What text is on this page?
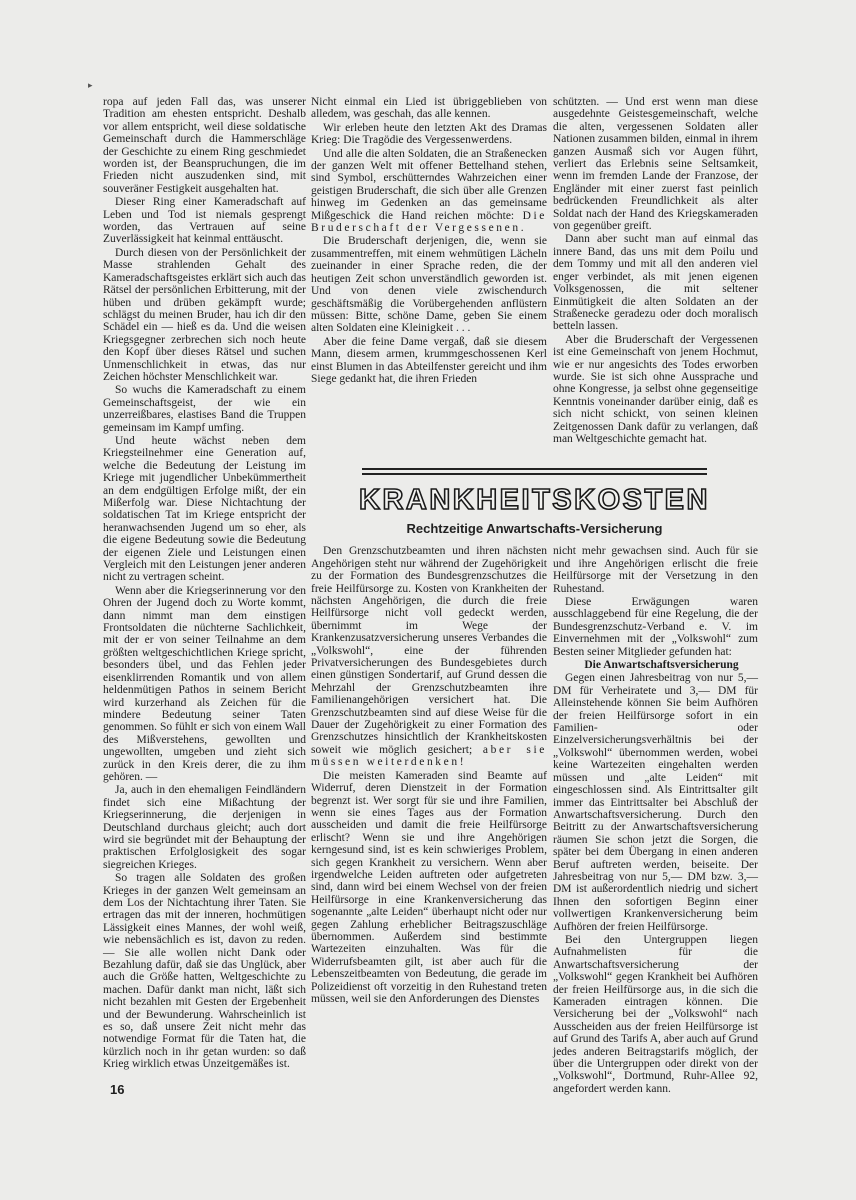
▸

ropa auf jeden Fall das, was unserer Tradition am ehesten entspricht. Deshalb vor allem entspricht, weil diese soldatische Gemeinschaft durch die Hammerschläge der Geschichte zu einem Ring geschmiedet worden ist, der Beanspruchungen, die im Frieden nicht auszudenken sind, mit souveräner Festigkeit ausgehalten hat.

Dieser Ring einer Kameradschaft auf Leben und Tod ist niemals gesprengt worden, das Vertrauen auf seine Zuverlässigkeit hat keinmal enttäuscht.

Durch diesen von der Persönlichkeit der Masse strahlenden Gehalt des Kameradschaftsgeistes erklärt sich auch das Rätsel der persönlichen Erbitterung, mit der hüben und drüben gekämpft wurde; schlägst du meinen Bruder, hau ich dir den Schädel ein — hieß es da. Und die weisen Kriegsgegner zerbrechen sich noch heute den Kopf über dieses Rätsel und suchen Unmenschlichkeit in etwas, das nur Zeichen höchster Menschlichkeit war.

So wuchs die Kameradschaft zu einem Gemeinschaftsgeist, der wie ein unzerreißbares, elastises Band die Truppen gemeinsam im Kampf umfing.

Und heute wächst neben dem Kriegsteilnehmer eine Generation auf, welche die Bedeutung der Leistung im Kriege mit jugendlicher Unbekümmertheit an dem endgültigen Erfolge mißt, der ein Mißerfolg war. Diese Nichtachtung der soldatischen Tat im Kriege entspricht der heranwachsenden Jugend um so eher, als die eigene Bedeutung sowie die Bedeutung der eigenen Ziele und Leistungen einen Vergleich mit den Leistungen jener anderen nicht zu vertragen scheint.

Wenn aber die Kriegserinnerung vor den Ohren der Jugend doch zu Worte kommt, dann nimmt man dem einstigen Frontsoldaten die nüchterne Sachlichkeit, mit der er von seiner Teilnahme an dem größten weltgeschichtlichen Kriege spricht, besonders übel, und das Fehlen jeder eisenklirrenden Romantik und von allem heldenmütigen Pathos in seinem Bericht wird kurzerhand als Zeichen für die mindere Bedeutung seiner Taten genommen. So fühlt er sich von einem Wall des Mißverstehens, gewollten und ungewollten, umgeben und zieht sich zurück in den Kreis derer, die zu ihm gehören. —

Ja, auch in den ehemaligen Feindländern findet sich eine Mißachtung der Kriegserinnerung, die derjenigen in Deutschland durchaus gleicht; auch dort wird sie begründet mit der Behauptung der praktischen Erfolglosigkeit des sogar siegreichen Krieges.

So tragen alle Soldaten des großen Krieges in der ganzen Welt gemeinsam an dem Los der Nichtachtung ihrer Taten. Sie ertragen das mit der inneren, hochmütigen Lässigkeit eines Mannes, der wohl weiß, wie nebensächlich es ist, davon zu reden. — Sie alle wollen nicht Dank oder Bezahlung dafür, daß sie das Unglück, aber auch die Größe hatten, Weltgeschichte zu machen. Dafür dankt man nicht, läßt sich nicht bezahlen mit Gesten der Ergebenheit und der Bewunderung. Wahrscheinlich ist es so, daß unsere Zeit nicht mehr das notwendige Format für die Taten hat, die kürzlich noch in ihr getan wurden: so daß Krieg wirklich etwas Unzeitgemäßes ist.

16

Nicht einmal ein Lied ist übriggeblieben von alledem, was geschah, das alle kennen.

Wir erleben heute den letzten Akt des Dramas Krieg: Die Tragödie des Vergessenwerdens.

Und alle die alten Soldaten, die an Straßenecken der ganzen Welt mit offener Bettelhand stehen, sind Symbol, erschütterndes Wahrzeichen einer geistigen Bruderschaft, die sich über alle Grenzen hinweg im Gedenken an das gemeinsame Mißgeschick die Hand reichen möchte: Die Bruderschaft der Vergessenen.

Die Bruderschaft derjenigen, die, wenn sie zusammentreffen, mit einem wehmütigen Lächeln zueinander in einer Sprache reden, die der heutigen Zeit schon unverständlich geworden ist. Und von denen viele zwischendurch geschäftsmäßig die Vorübergehenden anflüstern müssen: Bitte, schöne Dame, geben Sie einem alten Soldaten eine Kleinigkeit . . .

Aber die feine Dame vergaß, daß sie diesem Mann, diesem armen, krummgeschossenen Kerl einst Blumen in das Abteilfenster gereicht und ihm Siege gedankt hat, die ihren Frieden

schützten. — Und erst wenn man diese ausgedehnte Geistesgemeinschaft, welche die alten, vergessenen Soldaten aller Nationen zusammen bilden, einmal in ihrem ganzen Ausmaß sich vor Augen führt, verliert das Erlebnis seine Seltsamkeit, wenn im fremden Lande der Franzose, der Engländer mit einer zuerst fast peinlich bedrückenden Freundlichkeit als alter Soldat nach der Hand des Kriegskameraden von gegenüber greift.

Dann aber sucht man auf einmal das innere Band, das uns mit dem Poilu und dem Tommy und mit all den anderen viel enger verbindet, als mit jenen eigenen Volksgenossen, die mit seltener Einmütigkeit die alten Soldaten an der Straßenecke geradezu oder doch moralisch betteln lassen.

Aber die Bruderschaft der Vergessenen ist eine Gemeinschaft von jenem Hochmut, wie er nur angesichts des Todes erworben wurde. Sie ist sich ohne Aussprache und ohne Kongresse, ja selbst ohne gegenseitige Kenntnis voneinander darüber einig, daß es sich nicht schickt, von seinen kleinen Zeitgenossen Dank dafür zu verlangen, daß man Weltgeschichte gemacht hat.

KRANKHEITSKOSTEN
Rechtzeitige Anwartschafts-Versicherung

Den Grenzschutzbeamten und ihren nächsten Angehörigen steht nur während der Zugehörigkeit zu der Formation des Bundesgrenzschutzes die freie Heilfürsorge zu. Kosten von Krankheiten der nächsten Angehörigen, die durch die freie Heilfürsorge nicht voll gedeckt werden, übernimmt im Wege der Krankenzusatzversicherung unseres Verbandes die „Volkswohl“, eine der führenden Privatversicherungen des Bundesgebietes durch einen günstigen Sondertarif, auf Grund dessen die Mehrzahl der Grenzschutzbeamten ihre Familienangehörigen versichert hat. Die Grenzschutzbeamten sind auf diese Weise für die Dauer der Zugehörigkeit zu einer Formation des Grenzschutzes hinsichtlich der Krankheitskosten soweit wie möglich gesichert; aber sie müssen weiterdenken!

Die meisten Kameraden sind Beamte auf Widerruf, deren Dienstzeit in der Formation begrenzt ist. Wer sorgt für sie und ihre Familien, wenn sie eines Tages aus der Formation ausscheiden und damit die freie Heilfürsorge erlischt? Wenn sie und ihre Angehörigen kerngesund sind, ist es kein schwieriges Problem, sich gegen Krankheit zu versichern. Wenn aber irgendwelche Leiden auftreten oder aufgetreten sind, dann wird bei einem Wechsel von der freien Heilfürsorge in eine Krankenversicherung das sogenannte „alte Leiden“ überhaupt nicht oder nur gegen Zahlung erheblicher Beitragszuschläge übernommen. Außerdem sind bestimmte Wartezeiten einzuhalten. Was für die Widerrufsbeamten gilt, ist aber auch für die Lebenszeitbeamten von Bedeutung, die gerade im Polizeidienst oft vorzeitig in den Ruhestand treten müssen, weil sie den Anforderungen des Dienstes

nicht mehr gewachsen sind. Auch für sie und ihre Angehörigen erlischt die freie Heilfürsorge mit der Versetzung in den Ruhestand.

Diese Erwägungen waren ausschlaggebend für eine Regelung, die der Bundesgrenzschutz-Verband e. V. im Einvernehmen mit der „Volkswohl“ zum Besten seiner Mitglieder gefunden hat:

Die Anwartschaftsversicherung

Gegen einen Jahresbeitrag von nur 5,— DM für Verheiratete und 3,— DM für Alleinstehende können Sie beim Aufhören der freien Heilfürsorge sofort in ein Familien- oder Einzelversicherungsverhältnis bei der „Volkswohl“ übernommen werden, wobei keine Wartezeiten eingehalten werden müssen und „alte Leiden“ mit eingeschlossen sind. Als Eintrittsalter gilt immer das Eintrittsalter bei Abschluß der Anwartschaftsversicherung. Durch den Beitritt zu der Anwartschaftsversicherung räumen Sie schon jetzt die Sorgen, die später bei dem Übergang in einen anderen Beruf auftreten werden, beiseite. Der Jahresbeitrag von nur 5,— DM bzw. 3,— DM ist außerordentlich niedrig und sichert Ihnen den sofortigen Beginn einer vollwertigen Krankenversicherung beim Aufhören der freien Heilfürsorge.

Bei den Untergruppen liegen Aufnahmelisten für die Anwartschaftsversicherung der „Volkswohl“ gegen Krankheit bei Aufhören der freien Heilfürsorge aus, in die sich die Kameraden eintragen können. Die Versicherung bei der „Volkswohl“ nach Ausscheiden aus der freien Heilfürsorge ist auf Grund des Tarifs A, aber auch auf Grund jedes anderen Beitragstarifs möglich, der über die Untergruppen oder direkt von der „Volkswohl“, Dortmund, Ruhr-Allee 92, angefordert werden kann.
